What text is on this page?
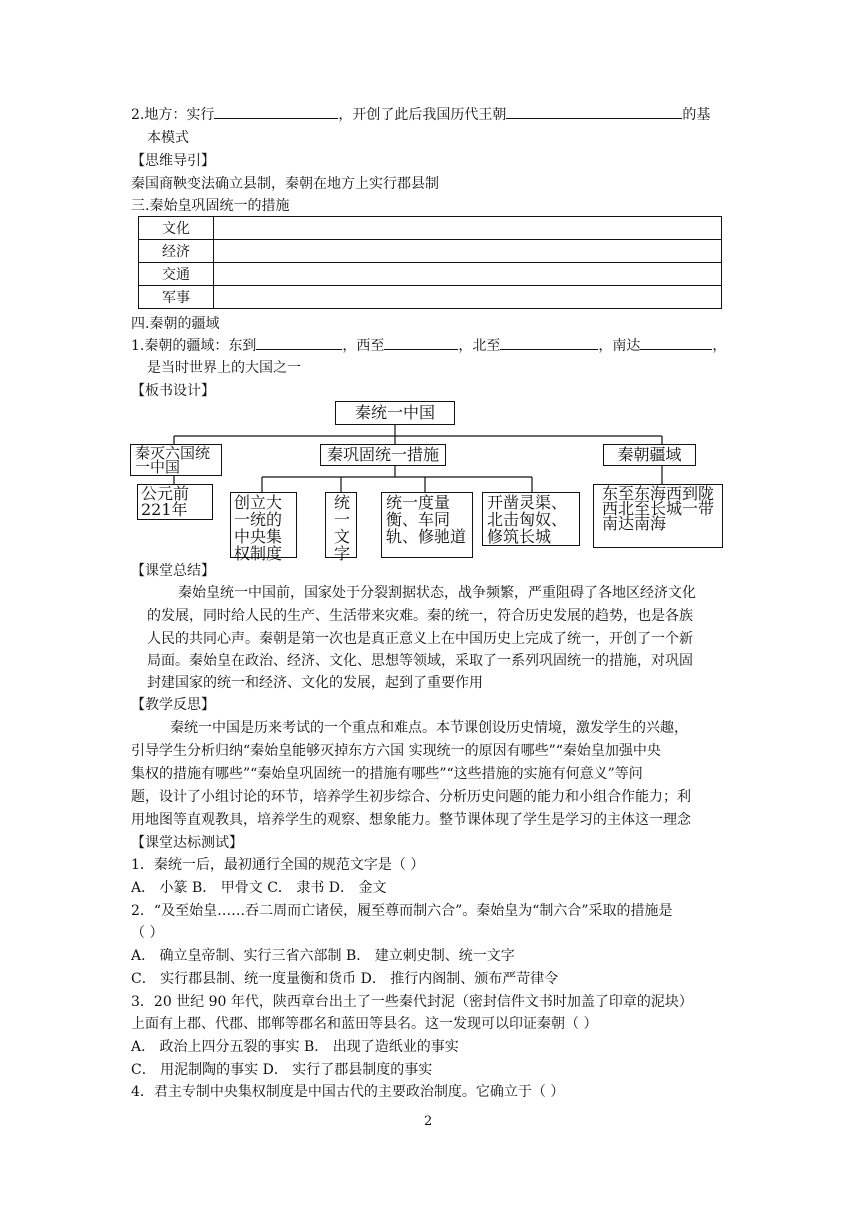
2.地方：实行	，开创了此后我国历代王朝	的基
本模式
【思维导引】
秦国商鞅变法确立县制，秦朝在地方上实行郡县制
三.秦始皇巩固统一的措施
文化	
经济	
交通	
军事	
四.秦朝的疆域
1.秦朝的疆域：东到	，西至	，北至	，南达	，
是当时世界上的大国之一
【板书设计】
秦统一中国
秦灭六国统一中国
公元前221年
秦巩固统一措施
创立大一统的中央集权制度
统一文字
统一度量衡、车同轨、修驰道
开凿灵渠、北击匈奴、修筑长城
秦朝疆域
东至东海西到陇西北至长城一带南达南海
【课堂总结】
秦始皇统一中国前，国家处于分裂割据状态，战争频繁，严重阻碍了各地区经济文化
的发展，同时给人民的生产、生活带来灾难。秦的统一，符合历史发展的趋势，也是各族
人民的共同心声。秦朝是第一次也是真正意义上在中国历史上完成了统一，开创了一个新
局面。秦始皇在政治、经济、文化、思想等领域，采取了一系列巩固统一的措施，对巩固
封建国家的统一和经济、文化的发展，起到了重要作用
【教学反思】
秦统一中国是历来考试的一个重点和难点。本节课创设历史情境，激发学生的兴趣，
引导学生分析归纳“秦始皇能够灭掉东方六国 实现统一的原因有哪些”“秦始皇加强中央
集权的措施有哪些”“秦始皇巩固统一的措施有哪些”“这些措施的实施有何意义”等问
题，设计了小组讨论的环节，培养学生初步综合、分析历史问题的能力和小组合作能力；利
用地图等直观教具，培养学生的观察、想象能力。整节课体现了学生是学习的主体这一理念
【课堂达标测试】
1．秦统一后，最初通行全国的规范文字是（ ）
A． 小篆 B． 甲骨文 C． 隶书 D． 金文
2．“及至始皇……吞二周而亡诸侯，履至尊而制六合”。秦始皇为“制六合”采取的措施是
（ ）
A． 确立皇帝制、实行三省六部制 B． 建立刺史制、统一文字
C． 实行郡县制、统一度量衡和货币 D． 推行内阁制、颁布严苛律令
3．20 世纪 90 年代，陕西章台出土了一些秦代封泥（密封信件文书时加盖了印章的泥块）
上面有上郡、代郡、邯郸等郡名和蓝田等县名。这一发现可以印证秦朝（ ）
A． 政治上四分五裂的事实 B． 出现了造纸业的事实
C． 用泥制陶的事实 D． 实行了郡县制度的事实
4．君主专制中央集权制度是中国古代的主要政治制度。它确立于（ ）
2
